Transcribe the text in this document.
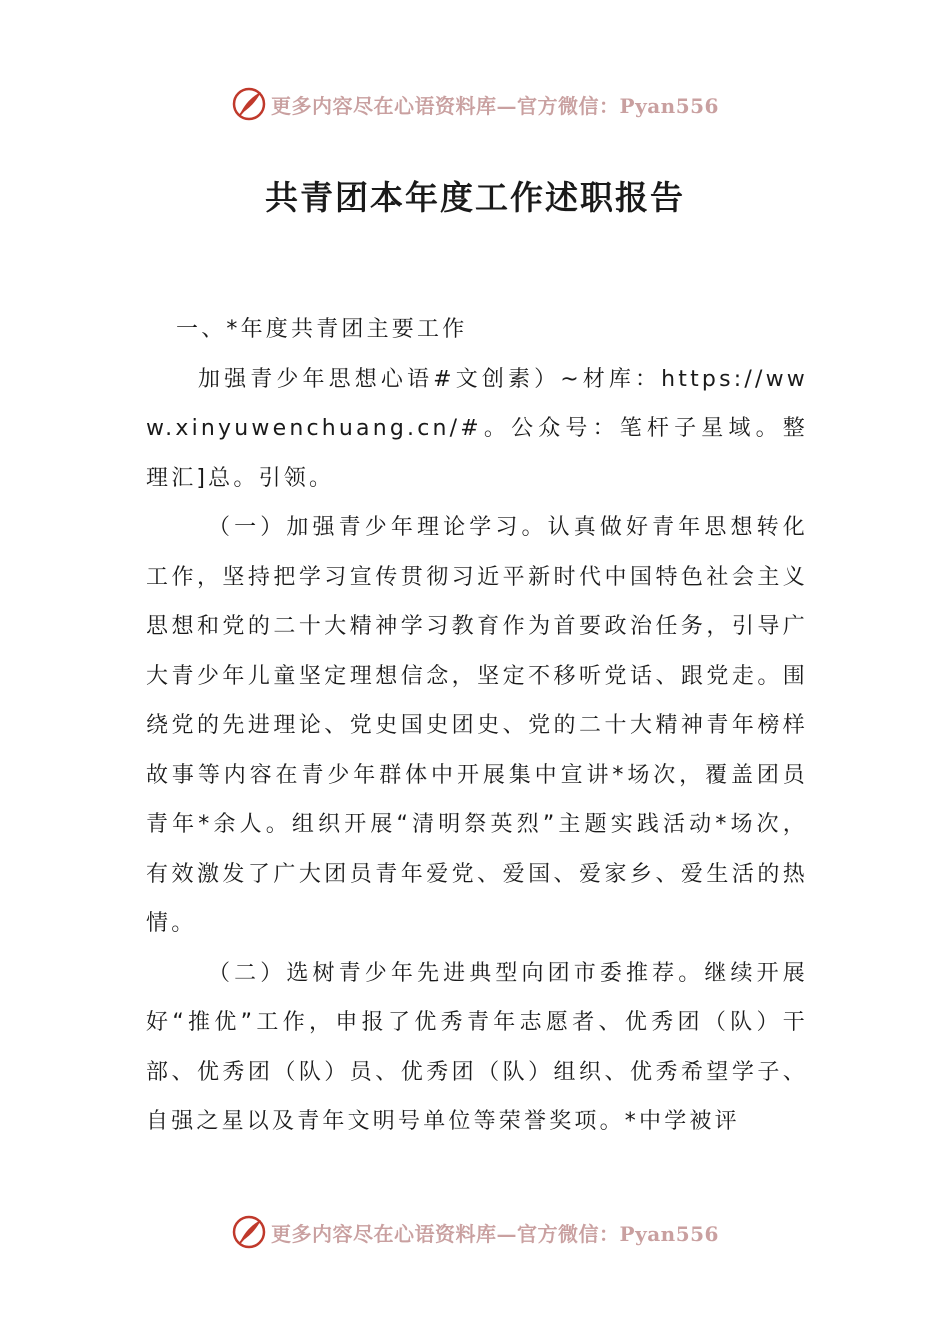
更多内容尽在心语资料库—官方微信：Pyan556
共青团本年度工作述职报告

一、*年度共青团主要工作

加强青少年思想心语#文创素）~材库：https://www.xinyuwenchuang.cn/#。公众号：笔杆子星域。整理汇]总。引领。

（一）加强青少年理论学习。认真做好青年思想转化工作，坚持把学习宣传贯彻习近平新时代中国特色社会主义思想和党的二十大精神学习教育作为首要政治任务，引导广大青少年儿童坚定理想信念，坚定不移听党话、跟党走。围绕党的先进理论、党史国史团史、党的二十大精神青年榜样故事等内容在青少年群体中开展集中宣讲*场次，覆盖团员青年*余人。组织开展“清明祭英烈”主题实践活动*场次，有效激发了广大团员青年爱党、爱国、爱家乡、爱生活的热情。

（二）选树青少年先进典型向团市委推荐。继续开展好“推优”工作，申报了优秀青年志愿者、优秀团（队）干部、优秀团（队）员、优秀团（队）组织、优秀希望学子、自强之星以及青年文明号单位等荣誉奖项。*中学被评

更多内容尽在心语资料库—官方微信：Pyan556
